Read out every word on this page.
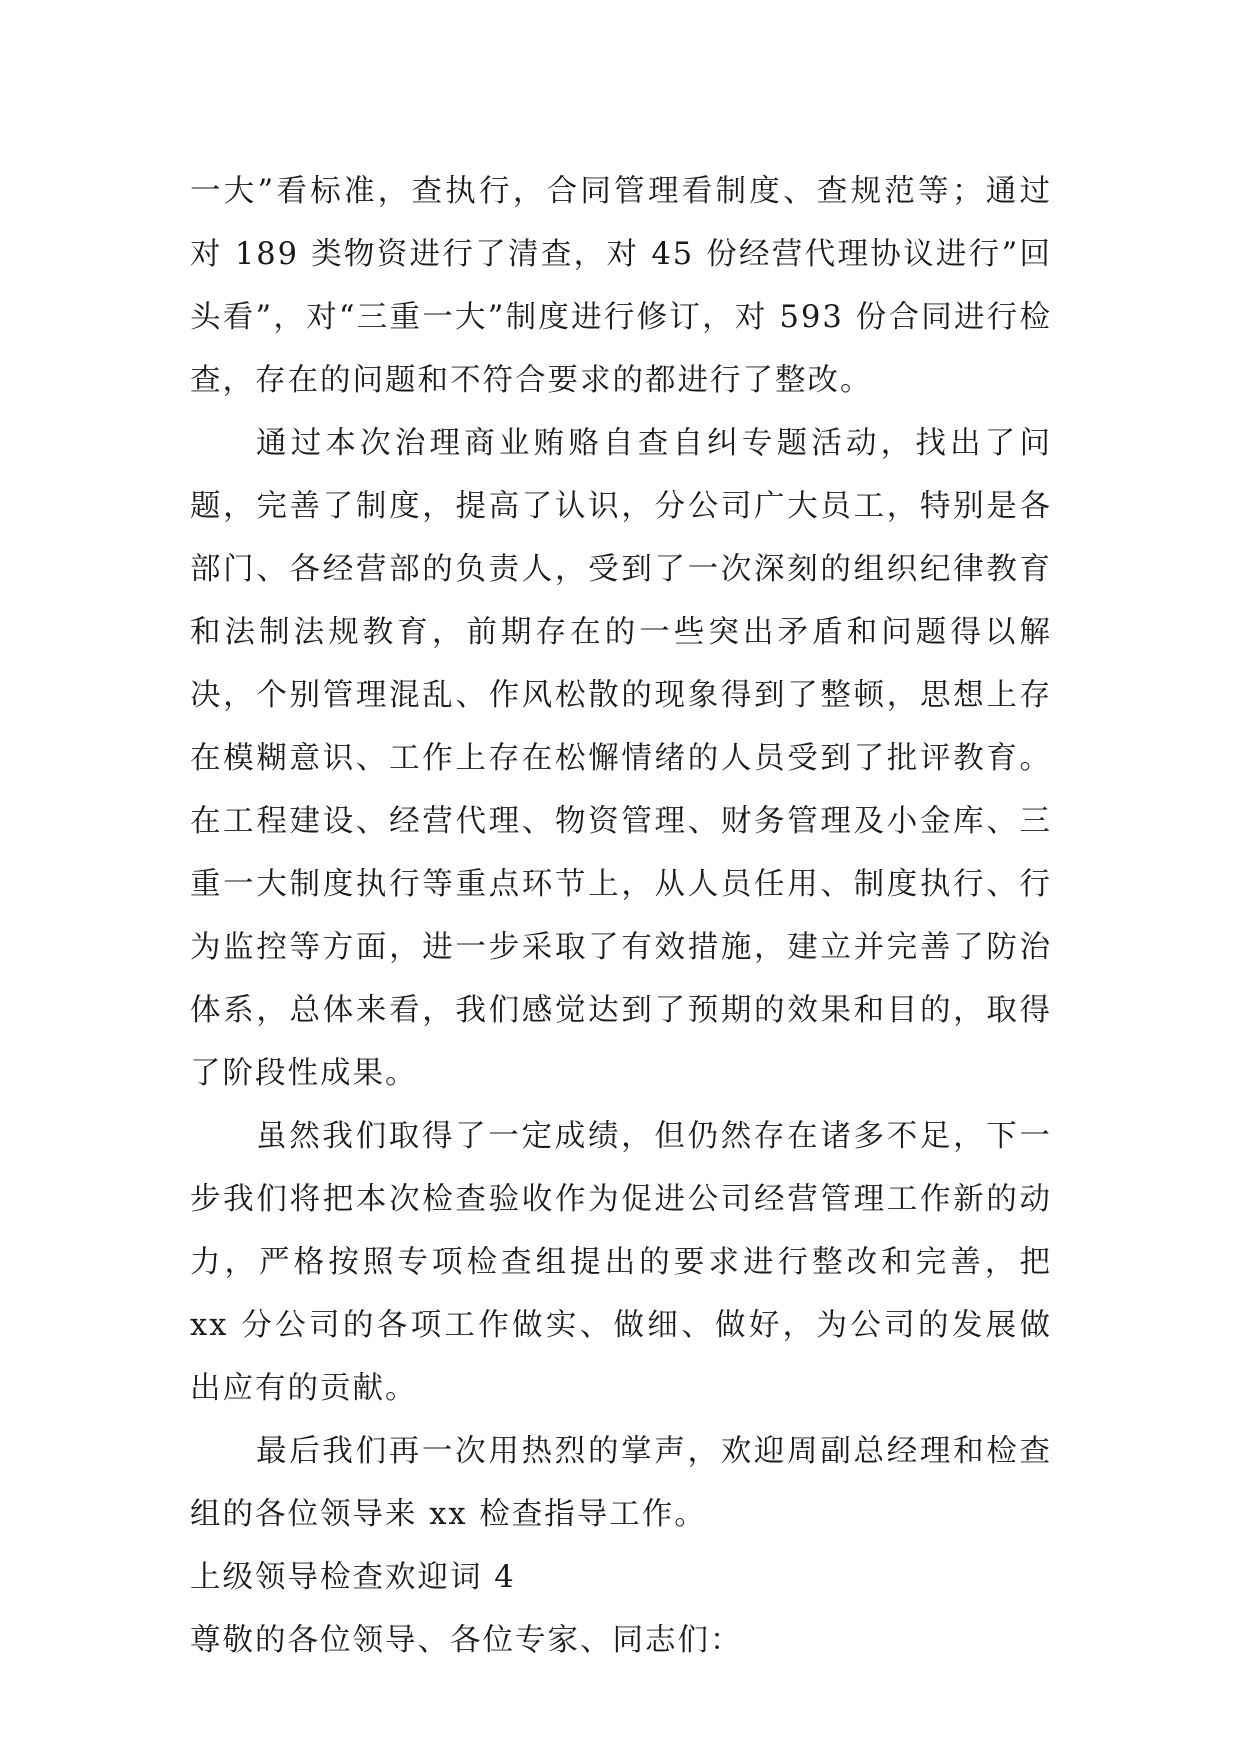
一大”看标准，查执行，合同管理看制度、查规范等；通过对 189 类物资进行了清查，对 45 份经营代理协议进行”回头看”，对“三重一大”制度进行修订，对 593 份合同进行检查，存在的问题和不符合要求的都进行了整改。

通过本次治理商业贿赂自查自纠专题活动，找出了问题，完善了制度，提高了认识，分公司广大员工，特别是各部门、各经营部的负责人，受到了一次深刻的组织纪律教育和法制法规教育，前期存在的一些突出矛盾和问题得以解决，个别管理混乱、作风松散的现象得到了整顿，思想上存在模糊意识、工作上存在松懈情绪的人员受到了批评教育。在工程建设、经营代理、物资管理、财务管理及小金库、三重一大制度执行等重点环节上，从人员任用、制度执行、行为监控等方面，进一步采取了有效措施，建立并完善了防治体系，总体来看，我们感觉达到了预期的效果和目的，取得了阶段性成果。

虽然我们取得了一定成绩，但仍然存在诸多不足，下一步我们将把本次检查验收作为促进公司经营管理工作新的动力，严格按照专项检查组提出的要求进行整改和完善，把 xx 分公司的各项工作做实、做细、做好，为公司的发展做出应有的贡献。

最后我们再一次用热烈的掌声，欢迎周副总经理和检查组的各位领导来 xx 检查指导工作。

上级领导检查欢迎词 4

尊敬的各位领导、各位专家、同志们：
